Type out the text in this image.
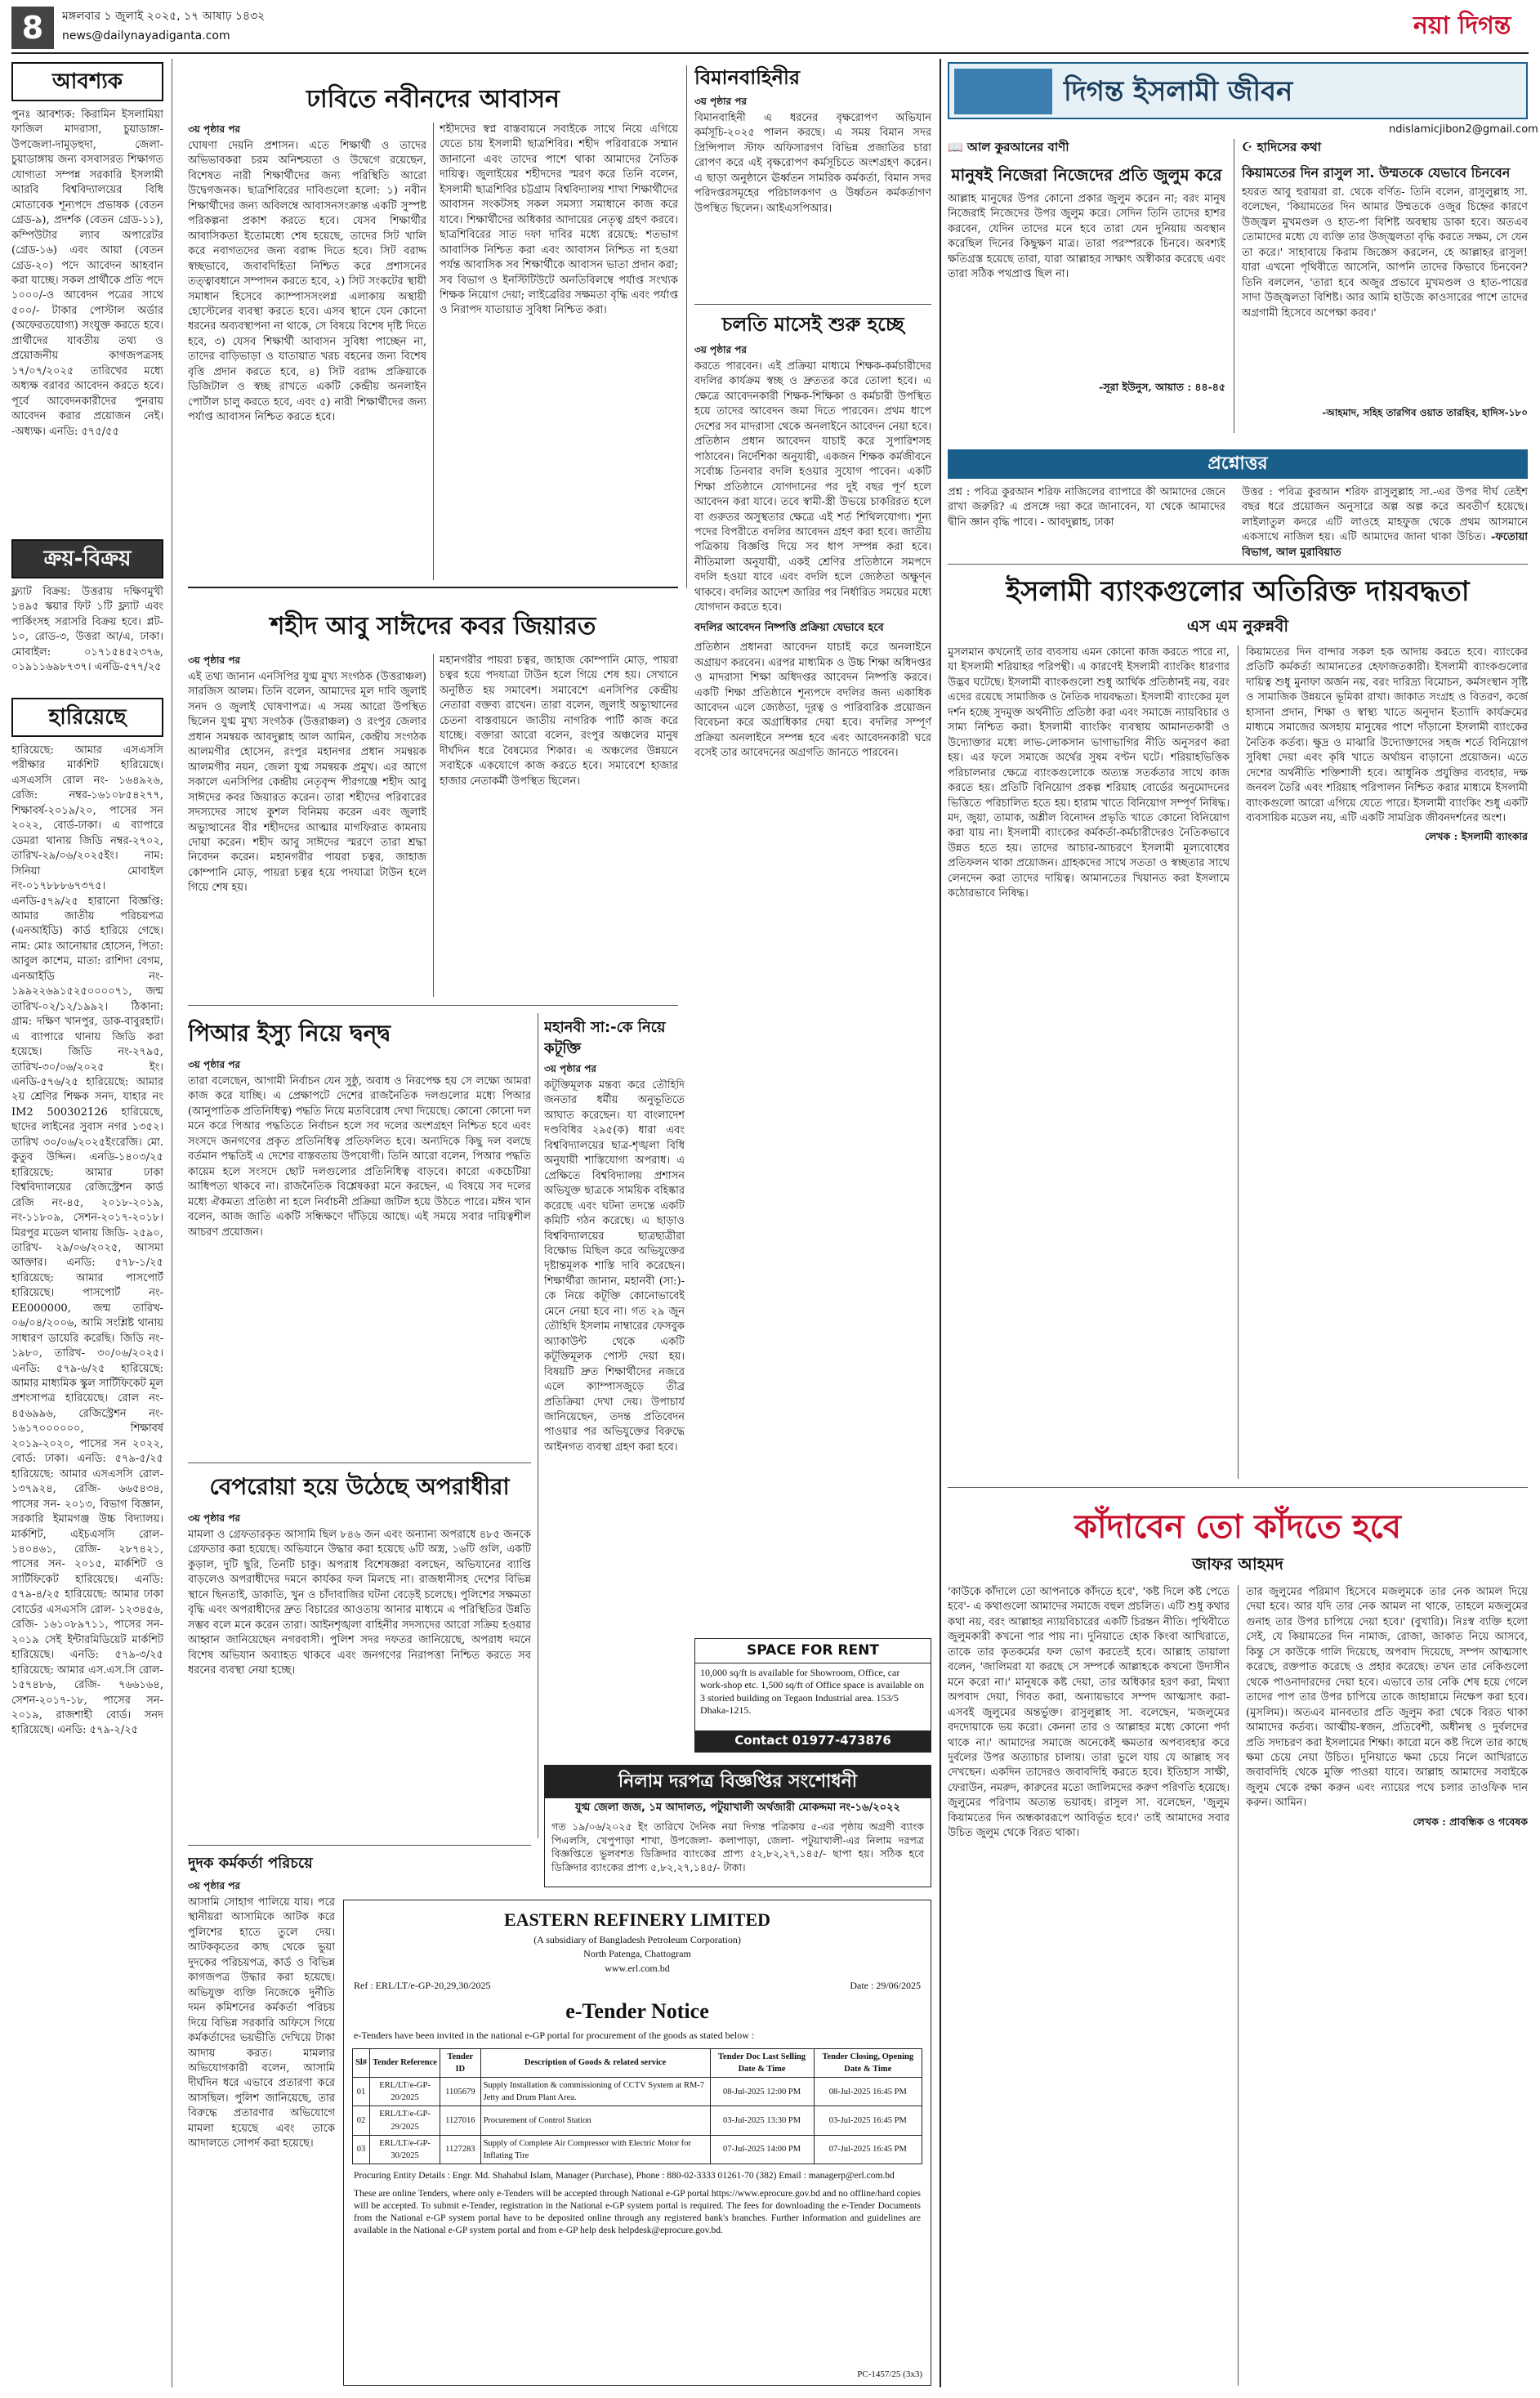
8	মঙ্গলবার ১ জুলাই ২০২৫, ১৭ আষাঢ় ১৪৩২
news@dailynayadiganta.com	নয়া দিগন্ত
আবশ্যক
পুনঃ আবশ্যক: কিরামিন ইসলামিয়া ফাজিল মাদরাসা, চুয়াডাঙ্গা-উপজেলা-দামুড়হুদা, জেলা-চুয়াডাঙ্গায় জন্য বসবাসরত শিক্ষাগত যোগ্যতা সম্পন্ন সরকারি ইসলামী আরবি বিশ্ববিদ্যালয়ের বিধি মোতাবেক শূন্যপদে প্রভাষক (বেতন গ্রেড-৯), প্রদর্শক (বেতন গ্রেড-১১), কম্পিউটার ল্যাব অপারেটর (গ্রেড-১৬) এবং আয়া (বেতন গ্রেড-২০) পদে আবেদন আহবান করা যাচ্ছে। সকল প্রার্থীকে প্রতি পদে ১০০০/-ও আবেদন পত্রের সাথে ৫০০/- টাকার পোস্টাল অর্ডার (অফেরতযোগ্য) সংযুক্ত করতে হবে। প্রার্থীদের যাবতীয় তথ্য ও প্রয়োজনীয় কাগজপত্রসহ ১৭/০৭/২০২৫ তারিখের মধ্যে অধ্যক্ষ বরাবর আবেদন করতে হবে। পূর্বে আবেদনকারীদের পুনরায় আবেদন করার প্রয়োজন নেই। -অধ্যক্ষ। এনডি: ৫৭৫/৫৫
ক্রয়-বিক্রয়
ফ্ল্যাট বিক্রয়: উত্তরায় দক্ষিণমুখী ১৪৯৫ স্কয়ার ফিট ১টি ফ্ল্যাট এবং পার্কিংসহ সরাসরি বিক্রয় হবে। প্লট- ১০, রোড-৩, উত্তরা আ/এ, ঢাকা। মোবাইল: ০১৭১৫৪৫২৩৭৬, ০১৯১১৬৯৮৭৩৭। এনডি-৫৭৭/২৫
হারিয়েছে
হারিয়েছে: আমার এসএসসি পরীক্ষার মার্কশিট হারিয়েছে। এসএসসি রোল নং- ১৬৪৯২৬, রেজি: নম্বর-১৬১০৮৫৪২৭৭, শিক্ষাবর্ষ-২০১৯/২০, পাসের সন ২০২২, বোর্ড-ঢাকা। এ ব্যাপারে ডেমরা থানায় জিডি নম্বর-২৭০২, তারিখ-২৯/০৬/২০২৫ইং। নাম: সিনিয়া মোবাইল নং-০১৭৮৮৮৬৭৩৭৫। এনডি-৫৭৯/২৫ হারানো বিজ্ঞপ্তি: আমার জাতীয় পরিচয়পত্র (এনআইডি) কার্ড হারিয়ে গেছে। নাম: মোঃ আনোয়ার হোসেন, পিতা: আবুল কাশেম, মাতা: রাশিদা বেগম, এনআইডি নং- ১৯৯২২৬৯১৫২৫০০০০৭১, জন্ম তারিখ-০২/১২/১৯৯২। ঠিকানা: গ্রাম: দক্ষিণ খানপুর, ডাক-বাবুরহাট। এ ব্যাপারে থানায় জিডি করা হয়েছে। জিডি নং-২৭৯৫, তারিখ-৩০/০৬/২০২৫ ইং। এনডি-৫৭৬/২৫ হারিয়েছে: আমার ২য় শ্রেণির শিক্ষক সনদ, যাহার নং IM2 500302126 হারিয়েছে, ছাদের লাইনের সুবাস নগর ১৩৫২। তারিখ ৩০/০৬/২০২৫ইংরেজি। মো. কুতুব উদ্দিন। এনডি-১৪০৩/২৫ হারিয়েছে: আমার ঢাকা বিশ্ববিদ্যালয়ের রেজিস্ট্রেশন কার্ড রেজি নং-৪৫, ২০১৮-২০১৯, নং-১১৮০৯, সেশন-২০১৭-২০১৮। মিরপুর মডেল থানায় জিডি- ২৫৯০, তারিখ- ২৯/০৬/২০২৫, আসমা আক্তার। এনডি: ৫৭৮-১/২৫ হারিয়েছে: আমার পাসপোর্ট হারিয়েছে। পাসপোর্ট নং- EE000000, জন্ম তারিখ- ০৬/০৪/২০০৬, আমি সংশ্লিষ্ট থানায় সাধারণ ডায়েরি করেছি। জিডি নং- ১৯৮০, তারিখ- ৩০/০৬/২০২৫। এনডি: ৫৭৯-৬/২৫ হারিয়েছে: আমার মাধ্যমিক স্কুল সার্টিফিকেট মূল প্রশংসাপত্র হারিয়েছে। রোল নং- ৪৫৬৯৯৬, রেজিস্ট্রেশন নং- ১৬১৭০০০০০০, শিক্ষাবর্ষ ২০১৯-২০২০, পাসের সন ২০২২, বোর্ড: ঢাকা। এনডি: ৫৭৯-৫/২৫ হারিয়েছে: আমার এসএসসি রোল- ১৩৭৯২৪, রেজি- ৬৬৫৪৩৪, পাসের সন- ২০১৩, বিভাগ বিজ্ঞান, সরকারি ইমামগঞ্জ উচ্চ বিদ্যালয়। মার্কশিট, এইচএসসি রোল- ১৪০৪৬১, রেজি- ২৮৭৪২১, পাসের সন- ২০১৫, মার্কশিট ও সার্টিফিকেট হারিয়েছে। এনডি: ৫৭৯-৪/২৫ হারিয়েছে: আমার ঢাকা বোর্ডের এসএসসি রোল- ১২৩৪৫৬, রেজি- ১৬১০৮৯৭১১, পাসের সন- ২০১৯ সেই ইন্টারমিডিয়েট মার্কশিট হারিয়েছে। এনডি: ৫৭৯-৩/২৫ হারিয়েছে: আমার এস.এস.সি রোল- ১৫৭৪৮৬, রেজি- ৭৬৬১৬৪, সেশন-২০১৭-১৮, পাসের সন- ২০১৯, রাজশাহী বোর্ড। সনদ হারিয়েছে। এনডি: ৫৭৯-২/২৫
ঢাবিতে নবীনদের আবাসন
৩য় পৃষ্ঠার পর
ঘোষণা দেয়নি প্রশাসন। এতে শিক্ষার্থী ও তাদের অভিভাবকরা চরম অনিশ্চয়তা ও উদ্বেগে রয়েছেন, বিশেষত নারী শিক্ষার্থীদের জন্য পরিস্থিতি আরো উদ্বেগজনক। ছাত্রশিবিরের দাবিগুলো হলো: ১) নবীন শিক্ষার্থীদের জন্য অবিলম্বে আবাসনসংক্রান্ত একটি সুস্পষ্ট পরিকল্পনা প্রকাশ করতে হবে। যেসব শিক্ষার্থীর আবাসিকতা ইতোমধ্যে শেষ হয়েছে, তাদের সিট খালি করে নবাগতদের জন্য বরাদ্দ দিতে হবে। সিট বরাদ্দ স্বচ্ছভাবে, জবাবদিহিতা নিশ্চিত করে প্রশাসনের তত্ত্বাবধানে সম্পাদন করতে হবে, ২) সিট সংকটের স্থায়ী সমাধান হিসেবে ক্যাম্পাসসংলগ্ন এলাকায় অস্থায়ী হোস্টেলের ব্যবস্থা করতে হবে। এসব স্থানে যেন কোনো ধরনের অব্যবস্থাপনা না থাকে, সে বিষয়ে বিশেষ দৃষ্টি দিতে হবে, ৩) যেসব শিক্ষার্থী আবাসন সুবিধা পাচ্ছেন না, তাদের বাড়িভাড়া ও যাতায়াত খরচ বহনের জন্য বিশেষ বৃত্তি প্রদান করতে হবে, ৪) সিট বরাদ্দ প্রক্রিয়াকে ডিজিটাল ও স্বচ্ছ রাখতে একটি কেন্দ্রীয় অনলাইন পোর্টাল চালু করতে হবে, এবং ৫) নারী শিক্ষার্থীদের জন্য পর্যাপ্ত আবাসন নিশ্চিত করতে হবে।
শহীদদের স্বপ্ন বাস্তবায়নে সবাইকে সাথে নিয়ে এগিয়ে যেতে চায় ইসলামী ছাত্রশিবির। শহীদ পরিবারকে সম্মান জানানো এবং তাদের পাশে থাকা আমাদের নৈতিক দায়িত্ব। জুলাইয়ের শহীদদের স্মরণ করে তিনি বলেন, ইসলামী ছাত্রশিবির চট্টগ্রাম বিশ্ববিদ্যালয় শাখা শিক্ষার্থীদের আবাসন সংকটসহ সকল সমস্যা সমাধানে কাজ করে যাবে। শিক্ষার্থীদের অধিকার আদায়ের নেতৃত্ব গ্রহণ করবে। ছাত্রশিবিরের সাত দফা দাবির মধ্যে রয়েছে: শতভাগ আবাসিক নিশ্চিত করা এবং আবাসন নিশ্চিত না হওয়া পর্যন্ত আবাসিক সব শিক্ষার্থীকে আবাসন ভাতা প্রদান করা; সব বিভাগ ও ইনস্টিটিউটে অনতিবিলম্বে পর্যাপ্ত সংখ্যক শিক্ষক নিয়োগ দেয়া; লাইব্রেরির সক্ষমতা বৃদ্ধি এবং পর্যাপ্ত ও নিরাপদ যাতায়াত সুবিধা নিশ্চিত করা।
বিমানবাহিনীর
৩য় পৃষ্ঠার পর
বিমানবাহিনী এ ধরনের বৃক্ষরোপণ অভিযান কর্মসূচি-২০২৫ পালন করছে। এ সময় বিমান সদর প্রিন্সিপাল স্টাফ অফিসারগণ বিভিন্ন প্রজাতির চারা রোপণ করে এই বৃক্ষরোপণ কর্মসূচিতে অংশগ্রহণ করেন। এ ছাড়া অনুষ্ঠানে ঊর্ধ্বতন সামরিক কর্মকর্তা, বিমান সদর পরিদপ্তরসমূহের পরিচালকগণ ও উর্ধ্বতন কর্মকর্তাগণ উপস্থিত ছিলেন। আইএসপিআর।
চলতি মাসেই শুরু হচ্ছে
৩য় পৃষ্ঠার পর
করতে পারবেন। এই প্রক্রিয়া মাধ্যমে শিক্ষক-কর্মচারীদের বদলির কার্যক্রম স্বচ্ছ ও দ্রুততর করে তোলা হবে। এ ক্ষেত্রে আবেদনকারী শিক্ষক-শিক্ষিকা ও কর্মচারী উপস্থিত হয়ে তাদের আবেদন জমা দিতে পারবেন। প্রথম ধাপে দেশের সব মাদরাসা থেকে অনলাইনে আবেদন নেয়া হবে। প্রতিষ্ঠান প্রধান আবেদন যাচাই করে সুপারিশসহ পাঠাবেন। নির্দেশিকা অনুযায়ী, একজন শিক্ষক কর্মজীবনে সর্বোচ্চ তিনবার বদলি হওয়ার সুযোগ পাবেন। একটি শিক্ষা প্রতিষ্ঠানে যোগদানের পর দুই বছর পূর্ণ হলে আবেদন করা যাবে। তবে স্বামী-স্ত্রী উভয়ে চাকরিরত হলে বা গুরুতর অসুস্থতার ক্ষেত্রে এই শর্ত শিথিলযোগ্য। শূন্য পদের বিপরীতে বদলির আবেদন গ্রহণ করা হবে। জাতীয় পত্রিকায় বিজ্ঞপ্তি দিয়ে সব ধাপ সম্পন্ন করা হবে। নীতিমালা অনুযায়ী, একই শ্রেণির প্রতিষ্ঠানে সমপদে বদলি হওয়া যাবে এবং বদলি হলে জ্যেষ্ঠতা অক্ষুণ্ন থাকবে। বদলির আদেশ জারির পর নির্ধারিত সময়ের মধ্যে যোগদান করতে হবে।
বদলির আবেদন নিষ্পত্তি প্রক্রিয়া যেভাবে হবে
প্রতিষ্ঠান প্রধানরা আবেদন যাচাই করে অনলাইনে অগ্রায়ণ করবেন। এরপর মাধ্যমিক ও উচ্চ শিক্ষা অধিদপ্তর ও মাদরাসা শিক্ষা অধিদপ্তর আবেদন নিষ্পত্তি করবে। একটি শিক্ষা প্রতিষ্ঠানে শূন্যপদে বদলির জন্য একাধিক আবেদন এলে জ্যেষ্ঠতা, দূরত্ব ও পারিবারিক প্রয়োজন বিবেচনা করে অগ্রাধিকার দেয়া হবে। বদলির সম্পূর্ণ প্রক্রিয়া অনলাইনে সম্পন্ন হবে এবং আবেদনকারী ঘরে বসেই তার আবেদনের অগ্রগতি জানতে পারবেন।
শহীদ আবু সাঈদের কবর জিয়ারত
৩য় পৃষ্ঠার পর
এই তথ্য জানান এনসিপির যুগ্ম মুখ্য সংগঠক (উত্তরাঞ্চল) সারজিস আলম। তিনি বলেন, আমাদের মূল দাবি জুলাই সনদ ও জুলাই ঘোষণাপত্র। এ সময় আরো উপস্থিত ছিলেন যুগ্ম মুখ্য সংগঠক (উত্তরাঞ্চল) ও রংপুর জেলার প্রধান সমন্বয়ক আবদুল্লাহ আল আমিন, কেন্দ্রীয় সংগঠক আলমগীর হোসেন, রংপুর মহানগর প্রধান সমন্বয়ক আলমগীর নয়ন, জেলা যুগ্ম সমন্বয়ক প্রমুখ। এর আগে সকালে এনসিপির কেন্দ্রীয় নেতৃবৃন্দ পীরগঞ্জে শহীদ আবু সাঈদের কবর জিয়ারত করেন। তারা শহীদের পরিবারের সদস্যদের সাথে কুশল বিনিময় করেন এবং জুলাই অভ্যুত্থানের বীর শহীদদের আত্মার মাগফিরাত কামনায় দোয়া করেন। শহীদ আবু সাঈদের স্মরণে তারা শ্রদ্ধা নিবেদন করেন। মহানগরীর পায়রা চত্বর, জাহাজ কোম্পানি মোড়, পায়রা চত্বর হয়ে পদযাত্রা টাউন হলে গিয়ে শেষ হয়।
মহানগরীর পায়রা চত্বর, জাহাজ কোম্পানি মোড়, পায়রা চত্বর হয়ে পদযাত্রা টাউন হলে গিয়ে শেষ হয়। সেখানে অনুষ্ঠিত হয় সমাবেশ। সমাবেশে এনসিপির কেন্দ্রীয় নেতারা বক্তব্য রাখেন। তারা বলেন, জুলাই অভ্যুত্থানের চেতনা বাস্তবায়নে জাতীয় নাগরিক পার্টি কাজ করে যাচ্ছে। বক্তারা আরো বলেন, রংপুর অঞ্চলের মানুষ দীর্ঘদিন ধরে বৈষম্যের শিকার। এ অঞ্চলের উন্নয়নে সবাইকে একযোগে কাজ করতে হবে। সমাবেশে হাজার হাজার নেতাকর্মী উপস্থিত ছিলেন।
পিআর ইস্যু নিয়ে দ্বন্দ্ব
৩য় পৃষ্ঠার পর
তারা বলেছেন, আগামী নির্বাচন যেন সুষ্ঠু, অবাধ ও নিরপেক্ষ হয় সে লক্ষ্যে আমরা কাজ করে যাচ্ছি। এ প্রেক্ষাপটে দেশের রাজনৈতিক দলগুলোর মধ্যে পিআর (আনুপাতিক প্রতিনিধিত্ব) পদ্ধতি নিয়ে মতবিরোধ দেখা দিয়েছে। কোনো কোনো দল মনে করে পিআর পদ্ধতিতে নির্বাচন হলে সব দলের অংশগ্রহণ নিশ্চিত হবে এবং সংসদে জনগণের প্রকৃত প্রতিনিধিত্ব প্রতিফলিত হবে। অন্যদিকে কিছু দল বলছে বর্তমান পদ্ধতিই এ দেশের বাস্তবতায় উপযোগী। তিনি আরো বলেন, পিআর পদ্ধতি কায়েম হলে সংসদে ছোট দলগুলোর প্রতিনিধিত্ব বাড়বে। কারো একচেটিয়া আধিপত্য থাকবে না। রাজনৈতিক বিশ্লেষকরা মনে করছেন, এ বিষয়ে সব দলের মধ্যে ঐকমত্য প্রতিষ্ঠা না হলে নির্বাচনী প্রক্রিয়া জটিল হয়ে উঠতে পারে। মঈন খান বলেন, আজ জাতি একটি সন্ধিক্ষণে দাঁড়িয়ে আছে। এই সময়ে সবার দায়িত্বশীল আচরণ প্রয়োজন।
মহানবী সা:-কে নিয়ে কটূক্তি
৩য় পৃষ্ঠার পর
কটূক্তিমূলক মন্তব্য করে তৌহিদি জনতার ধর্মীয় অনুভূতিতে আঘাত করেছেন। যা বাংলাদেশ দণ্ডবিধির ২৯৫(ক) ধারা এবং বিশ্ববিদ্যালয়ের ছাত্র-শৃঙ্খলা বিধি অনুযায়ী শাস্তিযোগ্য অপরাধ। এ প্রেক্ষিতে বিশ্ববিদ্যালয় প্রশাসন অভিযুক্ত ছাত্রকে সাময়িক বহিষ্কার করেছে এবং ঘটনা তদন্তে একটি কমিটি গঠন করেছে। এ ছাড়াও বিশ্ববিদ্যালয়ের ছাত্রছাত্রীরা বিক্ষোভ মিছিল করে অভিযুক্তের দৃষ্টান্তমূলক শাস্তি দাবি করেছেন। শিক্ষার্থীরা জানান, মহানবী (সা:)-কে নিয়ে কটূক্তি কোনোভাবেই মেনে নেয়া হবে না। গত ২৯ জুন তৌহিদি ইসলাম নাম্বারের ফেসবুক অ্যাকাউন্ট থেকে একটি কটূক্তিমূলক পোস্ট দেয়া হয়। বিষয়টি দ্রুত শিক্ষার্থীদের নজরে এলে ক্যাম্পাসজুড়ে তীব্র প্রতিক্রিয়া দেখা দেয়। উপাচার্য জানিয়েছেন, তদন্ত প্রতিবেদন পাওয়ার পর অভিযুক্তের বিরুদ্ধে আইনগত ব্যবস্থা গ্রহণ করা হবে।
বেপরোয়া হয়ে উঠেছে অপরাধীরা
৩য় পৃষ্ঠার পর
মামলা ও গ্রেফতারকৃত আসামি ছিল ৮৪৬ জন এবং অন্যান্য অপরাধে ৪৮৫ জনকে গ্রেফতার করা হয়েছে। অভিযানে উদ্ধার করা হয়েছে ৬টি অস্ত্র, ১৬টি গুলি, একটি কুড়াল, দুটি ছুরি, তিনটি চাকু। অপরাধ বিশেষজ্ঞরা বলছেন, অভিযানের ব্যাপ্তি বাড়লেও অপরাধীদের দমনে কার্যকর ফল মিলছে না। রাজধানীসহ দেশের বিভিন্ন স্থানে ছিনতাই, ডাকাতি, খুন ও চাঁদাবাজির ঘটনা বেড়েই চলেছে। পুলিশের সক্ষমতা বৃদ্ধি এবং অপরাধীদের দ্রুত বিচারের আওতায় আনার মাধ্যমে এ পরিস্থিতির উন্নতি সম্ভব বলে মনে করেন তারা। আইনশৃঙ্খলা বাহিনীর সদস্যদের আরো সক্রিয় হওয়ার আহ্বান জানিয়েছেন নগরবাসী। পুলিশ সদর দফতর জানিয়েছে, অপরাধ দমনে বিশেষ অভিযান অব্যাহত থাকবে এবং জনগণের নিরাপত্তা নিশ্চিত করতে সব ধরনের ব্যবস্থা নেয়া হচ্ছে।
SPACE FOR RENT
10,000 sq/ft is available for Showroom, Office, car work-shop etc. 1,500 sq/ft of Office space is available on 3 storied building on Tegaon Industrial area. 153/5 Dhaka-1215.
Contact 01977-473876
নিলাম দরপত্র বিজ্ঞপ্তির সংশোধনী
যুগ্ম জেলা জজ, ১ম আদালত, পটুয়াখালী অর্থজারী মোকদ্দমা নং-১৬/২০২২
গত ১৯/০৬/২০২৫ ইং তারিখে দৈনিক নয়া দিগন্ত পত্রিকায় ৫-এর পৃষ্ঠায় অগ্রণী ব্যাংক পিএলসি, খেপুপাড়া শাখা, উপজেলা- কলাপাড়া, জেলা- পটুয়াখালী-এর নিলাম দরপত্র বিজ্ঞপ্তিতে ভুলবশত ডিক্রিদার ব্যাংকের প্রাপ্য ৫২,৮২,২৭,১৪৫/- ছাপা হয়। সঠিক হবে ডিক্রিদার ব্যাংকের প্রাপ্য ৫,৮২,২৭,১৪৫/- টাকা।
দুদক কর্মকর্তা পরিচয়ে
৩য় পৃষ্ঠার পর
আসামি সোহাগ পালিয়ে যায়। পরে স্থানীয়রা আসামিকে আটক করে পুলিশের হাতে তুলে দেয়। আটককৃতের কাছ থেকে ভুয়া দুদকের পরিচয়পত্র, কার্ড ও বিভিন্ন কাগজপত্র উদ্ধার করা হয়েছে। অভিযুক্ত ব্যক্তি নিজেকে দুর্নীতি দমন কমিশনের কর্মকর্তা পরিচয় দিয়ে বিভিন্ন সরকারি অফিসে গিয়ে কর্মকর্তাদের ভয়ভীতি দেখিয়ে টাকা আদায় করত। মামলার অভিযোগকারী বলেন, আসামি দীর্ঘদিন ধরে এভাবে প্রতারণা করে আসছিল। পুলিশ জানিয়েছে, তার বিরুদ্ধে প্রতারণার অভিযোগে মামলা হয়েছে এবং তাকে আদালতে সোপর্দ করা হয়েছে।
EASTERN REFINERY LIMITED
(A subsidiary of Bangladesh Petroleum Corporation)
North Patenga, Chattogram
www.erl.com.bd
Ref : ERL/LT/e-GP-20,29,30/2025	Date : 29/06/2025
e-Tender Notice
e-Tenders have been invited in the national e-GP portal for procurement of the goods as stated below :
Sl#	Tender Reference	Tender ID	Description of Goods & related service	Tender Doc Last Selling Date & Time	Tender Closing, Opening Date & Time
01	ERL/LT/e-GP-20/2025	1105679	Supply Installation & commissioning of CCTV System at RM-7 Jetty and Drum Plant Area.	08-Jul-2025 12:00 PM	08-Jul-2025 16:45 PM
02	ERL/LT/e-GP-29/2025	1127016	Procurement of Control Station	03-Jul-2025 13:30 PM	03-Jul-2025 16:45 PM
03	ERL/LT/e-GP-30/2025	1127283	Supply of Complete Air Compressor with Electric Motor for Inflating Tire	07-Jul-2025 14:00 PM	07-Jul-2025 16:45 PM
Procuring Entity Details : Engr. Md. Shahabul Islam, Manager (Purchase), Phone : 880-02-3333 01261-70 (382) Email : managerp@erl.com.bd
These are online Tenders, where only e-Tenders will be accepted through National e-GP portal https://www.eprocure.gov.bd and no offline/hard copies will be accepted. To submit e-Tender, registration in the National e-GP system portal is required. The fees for downloading the e-Tender Documents from the National e-GP system portal have to be deposited online through any registered bank's branches. Further information and guidelines are available in the National e-GP system portal and from e-GP help desk helpdesk@eprocure.gov.bd.
PC-1457/25 (3x3)
দিগন্ত ইসলামী জীবন
ndislamicjibon2@gmail.com
📖 আল কুরআনের বাণী
মানুষই নিজেরা নিজেদের প্রতি জুলুম করে
আল্লাহ মানুষের উপর কোনো প্রকার জুলুম করেন না; বরং মানুষ নিজেরাই নিজেদের উপর জুলুম করে। সেদিন তিনি তাদের হাশর করবেন, যেদিন তাদের মনে হবে তারা যেন দুনিয়ায় অবস্থান করেছিল দিনের কিছুক্ষণ মাত্র। তারা পরস্পরকে চিনবে। অবশ্যই ক্ষতিগ্রস্ত হয়েছে তারা, যারা আল্লাহর সাক্ষাৎ অস্বীকার করেছে এবং তারা সঠিক পথপ্রাপ্ত ছিল না।
-সূরা ইউনুস, আয়াত : ৪৪-৪৫
☪ হাদিসের কথা
কিয়ামতের দিন রাসুল সা. উম্মতকে যেভাবে চিনবেন
হযরত আবু হুরায়রা রা. থেকে বর্ণিত- তিনি বলেন, রাসুলুল্লাহ সা. বলেছেন, 'কিয়ামতের দিন আমার উম্মতকে ওজুর চিহ্নের কারণে উজ্জ্বল মুখমণ্ডল ও হাত-পা বিশিষ্ট অবস্থায় ডাকা হবে। অতএব তোমাদের মধ্যে যে ব্যক্তি তার উজ্জ্বলতা বৃদ্ধি করতে সক্ষম, সে যেন তা করে।' সাহাবায়ে কিরাম জিজ্ঞেস করলেন, হে আল্লাহর রাসুল! যারা এখনো পৃথিবীতে আসেনি, আপনি তাদের কিভাবে চিনবেন? তিনি বললেন, 'তারা হবে অজুর প্রভাবে মুখমণ্ডল ও হাত-পায়ের সাদা উজ্জ্বলতা বিশিষ্ট। আর আমি হাউজে কাওসারের পাশে তাদের অগ্রগামী হিসেবে অপেক্ষা করব।'
-আহমাদ, সহিহ তারগিব ওয়াত তারহিব, হাদিস-১৮০
প্রশ্নোত্তর
প্রশ্ন : পবিত্র কুরআন শরিফ নাজিলের ব্যাপারে কী আমাদের জেনে রাখা জরুরি? এ প্রসঙ্গে দয়া করে জানাবেন, যা থেকে আমাদের দ্বীনি জ্ঞান বৃদ্ধি পাবে। - আবদুল্লাহ, ঢাকা
উত্তর : পবিত্র কুরআন শরিফ রাসুলুল্লাহ সা.-এর উপর দীর্ঘ তেইশ বছর ধরে প্রয়োজন অনুসারে অল্প অল্প করে অবতীর্ণ হয়েছে। লাইলাতুল কদরে এটি লাওহে মাহফুজ থেকে প্রথম আসমানে একসাথে নাজিল হয়। এটি আমাদের জানা থাকা উচিত। -ফতোয়া বিভাগ, আল মুরাবিয়াত
ইসলামী ব্যাংকগুলোর অতিরিক্ত দায়বদ্ধতা
এস এম নুরুন্নবী
মুসলমান কখনোই তার ব্যবসায় এমন কোনো কাজ করতে পারে না, যা ইসলামী শরিয়াহর পরিপন্থী। এ কারণেই ইসলামী ব্যাংকিং ধারণার উদ্ভব ঘটেছে। ইসলামী ব্যাংকগুলো শুধু আর্থিক প্রতিষ্ঠানই নয়, বরং এদের রয়েছে সামাজিক ও নৈতিক দায়বদ্ধতা। ইসলামী ব্যাংকের মূল দর্শন হচ্ছে সুদমুক্ত অর্থনীতি প্রতিষ্ঠা করা এবং সমাজে ন্যায়বিচার ও সাম্য নিশ্চিত করা। ইসলামী ব্যাংকিং ব্যবস্থায় আমানতকারী ও উদ্যোক্তার মধ্যে লাভ-লোকসান ভাগাভাগির নীতি অনুসরণ করা হয়। এর ফলে সমাজে অর্থের সুষম বণ্টন ঘটে। শরিয়াহভিত্তিক পরিচালনার ক্ষেত্রে ব্যাংকগুলোকে অত্যন্ত সতর্কতার সাথে কাজ করতে হয়। প্রতিটি বিনিয়োগ প্রকল্প শরিয়াহ বোর্ডের অনুমোদনের ভিত্তিতে পরিচালিত হতে হয়। হারাম খাতে বিনিয়োগ সম্পূর্ণ নিষিদ্ধ। মদ, জুয়া, তামাক, অশ্লীল বিনোদন প্রভৃতি খাতে কোনো বিনিয়োগ করা যায় না। ইসলামী ব্যাংকের কর্মকর্তা-কর্মচারীদেরও নৈতিকভাবে উন্নত হতে হয়। তাদের আচার-আচরণে ইসলামী মূল্যবোধের প্রতিফলন থাকা প্রয়োজন। গ্রাহকদের সাথে সততা ও স্বচ্ছতার সাথে লেনদেন করা তাদের দায়িত্ব। আমানতের খিয়ানত করা ইসলামে কঠোরভাবে নিষিদ্ধ।
কিয়ামতের দিন বান্দার সকল হক আদায় করতে হবে। ব্যাংকের প্রতিটি কর্মকর্তা আমানতের হেফাজতকারী। ইসলামী ব্যাংকগুলোর দায়িত্ব শুধু মুনাফা অর্জন নয়, বরং দারিদ্র্য বিমোচন, কর্মসংস্থান সৃষ্টি ও সামাজিক উন্নয়নে ভূমিকা রাখা। জাকাত সংগ্রহ ও বিতরণ, কর্জে হাসানা প্রদান, শিক্ষা ও স্বাস্থ্য খাতে অনুদান ইত্যাদি কার্যক্রমের মাধ্যমে সমাজের অসহায় মানুষের পাশে দাঁড়ানো ইসলামী ব্যাংকের নৈতিক কর্তব্য। ক্ষুদ্র ও মাঝারি উদ্যোক্তাদের সহজ শর্তে বিনিয়োগ সুবিধা দেয়া এবং কৃষি খাতে অর্থায়ন বাড়ানো প্রয়োজন। এতে দেশের অর্থনীতি শক্তিশালী হবে। আধুনিক প্রযুক্তির ব্যবহার, দক্ষ জনবল তৈরি এবং শরিয়াহ পরিপালন নিশ্চিত করার মাধ্যমে ইসলামী ব্যাংকগুলো আরো এগিয়ে যেতে পারে। ইসলামী ব্যাংকিং শুধু একটি ব্যবসায়িক মডেল নয়, এটি একটি সামগ্রিক জীবনদর্শনের অংশ।
লেখক : ইসলামী ব্যাংকার
কাঁদাবেন তো কাঁদতে হবে
জাফর আহমদ
'কাউকে কাঁদালে তো আপনাকে কাঁদতে হবে', 'কষ্ট দিলে কষ্ট পেতে হবে'- এ কথাগুলো আমাদের সমাজে বহুল প্রচলিত। এটি শুধু কথার কথা নয়, বরং আল্লাহর ন্যায়বিচারের একটি চিরন্তন নীতি। পৃথিবীতে জুলুমকারী কখনো পার পায় না। দুনিয়াতে হোক কিংবা আখিরাতে, তাকে তার কৃতকর্মের ফল ভোগ করতেই হবে। আল্লাহ তায়ালা বলেন, 'জালিমরা যা করছে সে সম্পর্কে আল্লাহকে কখনো উদাসীন মনে করো না।' মানুষকে কষ্ট দেয়া, তার অধিকার হরণ করা, মিথ্যা অপবাদ দেয়া, গিবত করা, অন্যায়ভাবে সম্পদ আত্মসাৎ করা- এসবই জুলুমের অন্তর্ভুক্ত। রাসুলুল্লাহ সা. বলেছেন, 'মজলুমের বদদোয়াকে ভয় করো। কেননা তার ও আল্লাহর মধ্যে কোনো পর্দা থাকে না।' আমাদের সমাজে অনেকেই ক্ষমতার অপব্যবহার করে দুর্বলের উপর অত্যাচার চালায়। তারা ভুলে যায় যে আল্লাহ সব দেখছেন। একদিন তাদেরও জবাবদিহি করতে হবে। ইতিহাস সাক্ষী, ফেরাউন, নমরুদ, কারুনের মতো জালিমদের করুণ পরিণতি হয়েছে। জুলুমের পরিণাম অত্যন্ত ভয়াবহ। রাসুল সা. বলেছেন, 'জুলুম কিয়ামতের দিন অন্ধকাররূপে আবির্ভূত হবে।' তাই আমাদের সবার উচিত জুলুম থেকে বিরত থাকা।
তার জুলুমের পরিমাণ হিসেবে মজলুমকে তার নেক আমল দিয়ে দেয়া হবে। আর যদি তার নেক আমল না থাকে, তাহলে মজলুমের গুনাহ তার উপর চাপিয়ে দেয়া হবে।' (বুখারি)। নিঃস্ব ব্যক্তি হলো সেই, যে কিয়ামতের দিন নামাজ, রোজা, জাকাত নিয়ে আসবে, কিন্তু সে কাউকে গালি দিয়েছে, অপবাদ দিয়েছে, সম্পদ আত্মসাৎ করেছে, রক্তপাত করেছে ও প্রহার করেছে। তখন তার নেকিগুলো থেকে পাওনাদারদের দেয়া হবে। এভাবে তার নেকি শেষ হয়ে গেলে তাদের পাপ তার উপর চাপিয়ে তাকে জাহান্নামে নিক্ষেপ করা হবে। (মুসলিম)। অতএব মানবতার প্রতি জুলুম করা থেকে বিরত থাকা আমাদের কর্তব্য। আত্মীয়-স্বজন, প্রতিবেশী, অধীনস্থ ও দুর্বলদের প্রতি সদাচরণ করা ইসলামের শিক্ষা। কারো মনে কষ্ট দিলে তার কাছে ক্ষমা চেয়ে নেয়া উচিত। দুনিয়াতে ক্ষমা চেয়ে নিলে আখিরাতে জবাবদিহি থেকে মুক্তি পাওয়া যাবে। আল্লাহ আমাদের সবাইকে জুলুম থেকে রক্ষা করুন এবং ন্যায়ের পথে চলার তাওফিক দান করুন। আমিন।
লেখক : প্রাবন্ধিক ও গবেষক
